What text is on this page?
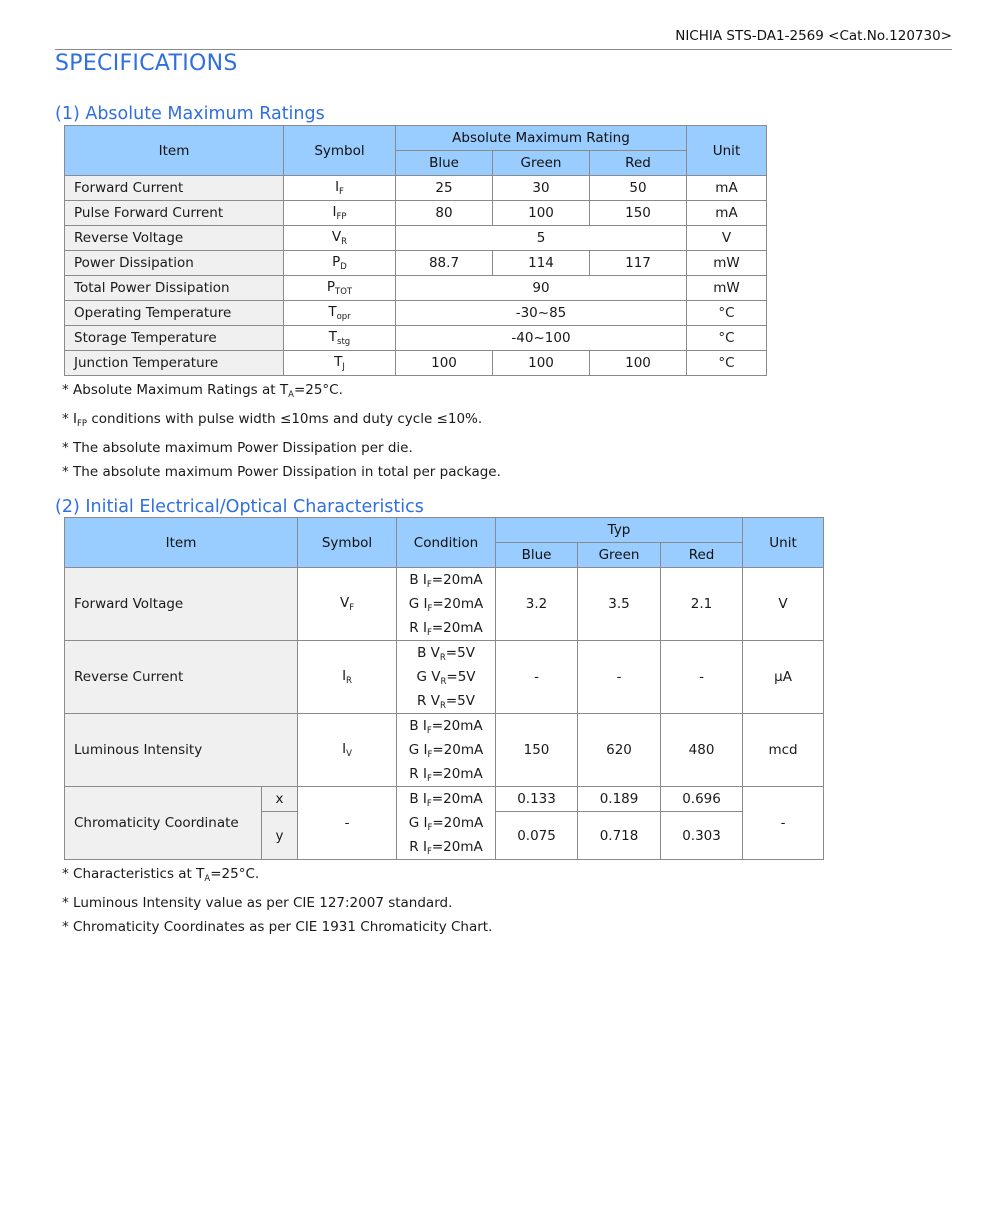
NICHIA STS-DA1-2569 <Cat.No.120730>
SPECIFICATIONS
(1) Absolute Maximum Ratings
Item	Symbol	Absolute Maximum Rating			Unit
		Blue	Green	Red	
Forward Current	$I_F$	25	30	50	mA
Pulse Forward Current	$I_{FP}$	80	100	150	mA
Reverse Voltage	$V_R$	5			V
Power Dissipation	$P_D$	88.7	114	117	mW
Total Power Dissipation	$P_{TOT}$	90			mW
Operating Temperature	$T_{opr}$	-30~85			°C
Storage Temperature	$T_{stg}$	-40~100			°C
Junction Temperature	$T_J$	100	100	100	°C
* Absolute Maximum Ratings at $T_A=25^\circ C$.
* $I_{FP}$ conditions with pulse width ≤10ms and duty cycle ≤10%.
* The absolute maximum Power Dissipation per die.
* The absolute maximum Power Dissipation in total per package.
(2) Initial Electrical/Optical Characteristics
Item		Symbol	Condition	Typ			Unit
				Blue	Green	Red	
Forward Voltage		$V_F$	B $I_F=20mA$
G $I_F=20mA$
R $I_F=20mA$	3.2	3.5	2.1	V
Reverse Current		$I_R$	B $V_R=5V$
G $V_R=5V$
R $V_R=5V$	-	-	-	μA
Luminous Intensity		$I_V$	B $I_F=20mA$
G $I_F=20mA$
R $I_F=20mA$	150	620	480	mcd
Chromaticity Coordinate	x	-	B $I_F=20mA$
G $I_F=20mA$
R $I_F=20mA$	0.133	0.189	0.696	-
	y			0.075	0.718	0.303	
* Characteristics at $T_A=25^\circ C$.
* Luminous Intensity value as per CIE 127:2007 standard.
* Chromaticity Coordinates as per CIE 1931 Chromaticity Chart.
